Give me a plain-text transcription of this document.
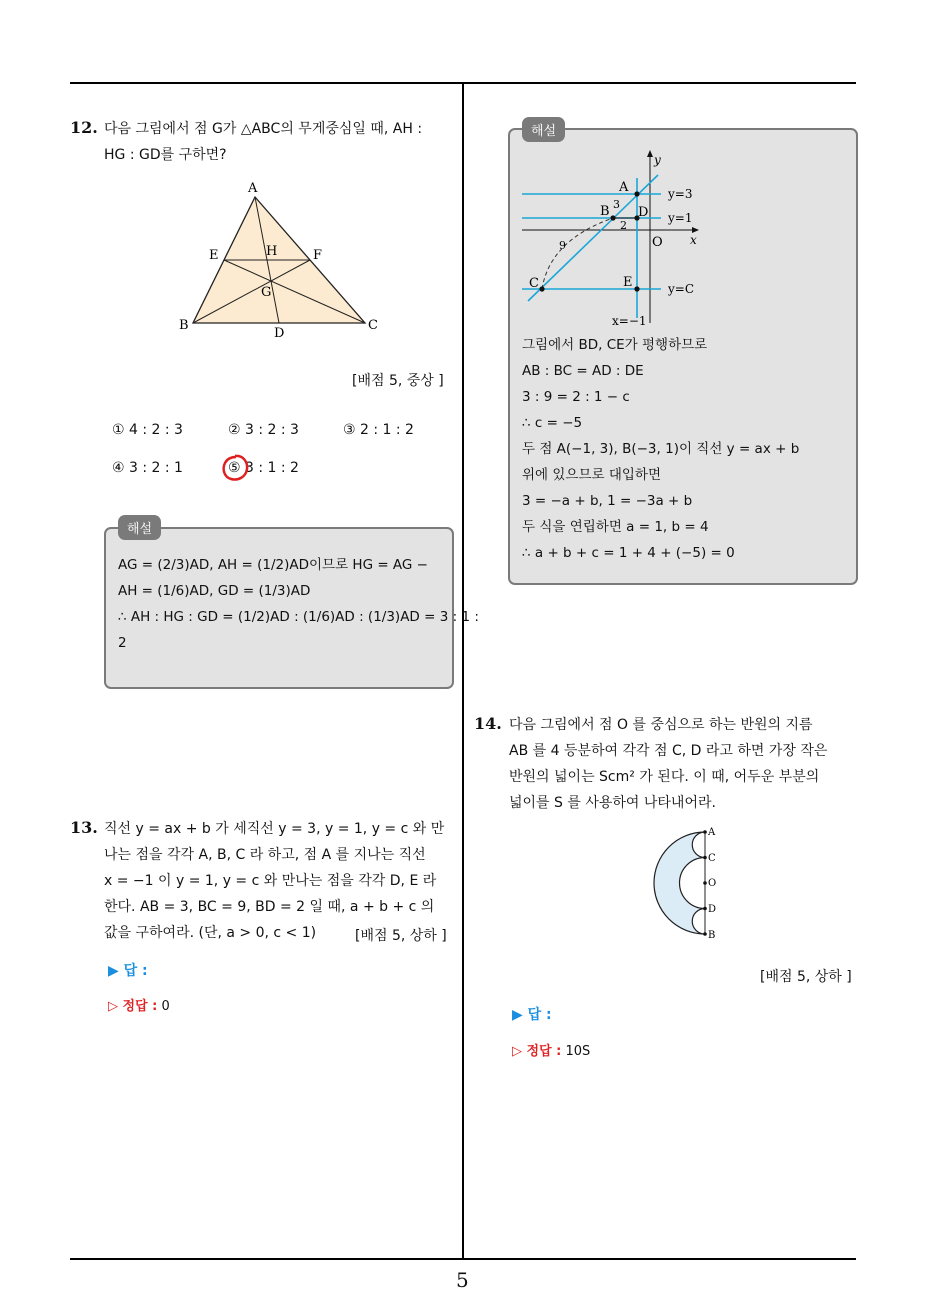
5
12. 다음 그림에서 점 G가 △ABC의 무게중심일 때, AH :
HG : GD를 구하면?
A
B	C
D
E	F
G
H
[배점 5, 중상 ]
① 4 : 2 : 3	② 3 : 2 : 3	③ 2 : 1 : 2
④ 3 : 2 : 1	⑤ 3 : 1 : 2
해설
AG = (2/3)AD, AH = (1/2)AD이므로 HG = AG −
AH = (1/6)AD, GD = (1/3)AD
∴ AH : HG : GD = (1/2)AD : (1/6)AD : (1/3)AD = 3 : 1 :
2
13. 직선 y = ax + b 가 세직선 y = 3, y = 1, y = c 와 만
나는 점을 각각 A, B, C 라 하고, 점 A 를 지나는 직선
x = −1 이 y = 1, y = c 와 만나는 점을 각각 D, E 라
한다. AB = 3, BC = 9, BD = 2 일 때, a + b + c 의
값을 구하여라. (단, a > 0, c < 1)	[배점 5, 상하 ]
▶ 답 :
▷ 정답 : 0
해설
y
x
O
A
B D
C	E
3
2
9
y=3
y=1
y=C
x=−1
그림에서 BD, CE가 평행하므로
AB : BC = AD : DE
3 : 9 = 2 : 1 − c
∴ c = −5
두 점 A(−1, 3), B(−3, 1)이 직선 y = ax + b
위에 있으므로 대입하면
3 = −a + b, 1 = −3a + b
두 식을 연립하면 a = 1, b = 4
∴ a + b + c = 1 + 4 + (−5) = 0
14. 다음 그림에서 점 O 를 중심으로 하는 반원의 지름
AB 를 4 등분하여 각각 점 C, D 라고 하면 가장 작은
반원의 넓이는 Scm² 가 된다. 이 때, 어두운 부분의
넓이를 S 를 사용하여 나타내어라.
A
C
O
D
B
[배점 5, 상하 ]
▶ 답 :
▷ 정답 : 10S
